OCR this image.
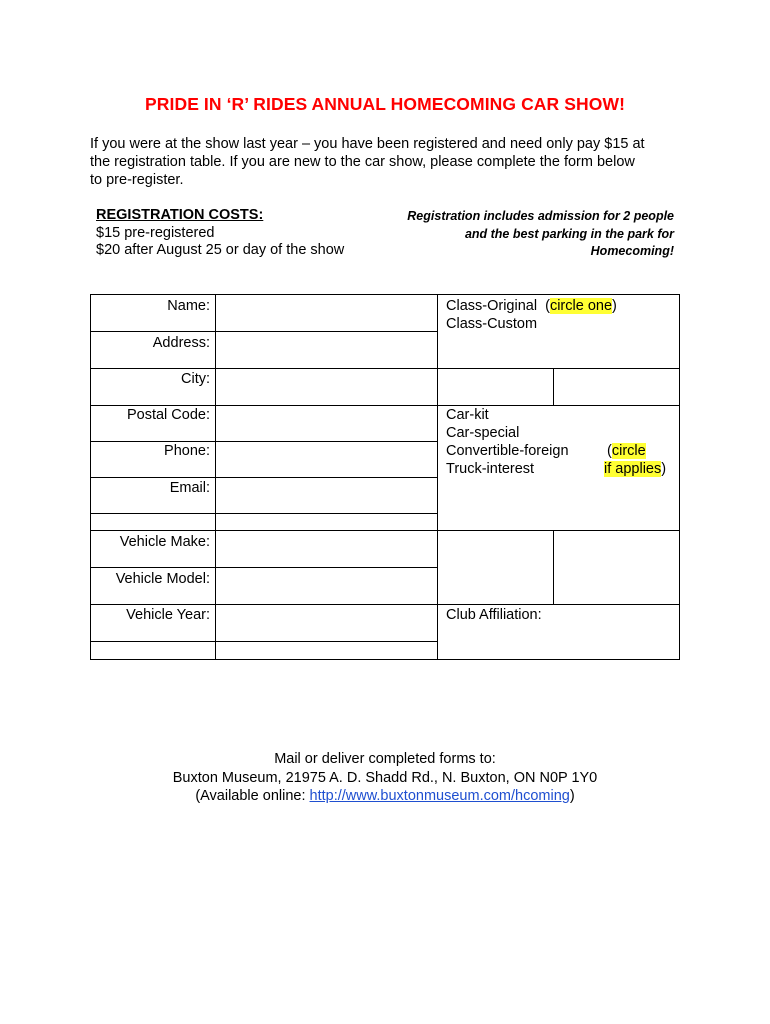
PRIDE IN ‘R’ RIDES ANNUAL HOMECOMING CAR SHOW!
If you were at the show last year – you have been registered and need only pay $15 at
the registration table. If you are new to the car show, please complete the form below
to pre-register.
REGISTRATION COSTS:
$15 pre-registered
$20 after August 25 or day of the show
Registration includes admission for 2 people
and the best parking in the park for
Homecoming!
Name:
Address:
City:
Postal Code:
Phone:
Email:
Vehicle Make:
Vehicle Model:
Vehicle Year:
Class-Original  (circle one)
Class-Custom
Car-kit
Car-special
Convertible-foreign
Truck-interest
(circle
if applies)
Club Affiliation:
Mail or deliver completed forms to:
Buxton Museum, 21975 A. D. Shadd Rd., N. Buxton, ON N0P 1Y0
(Available online: http://www.buxtonmuseum.com/hcoming)
